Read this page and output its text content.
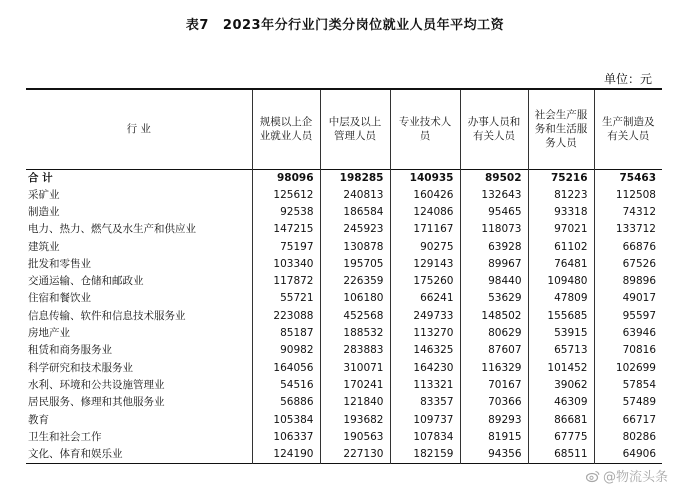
表7 2023年分行业门类分岗位就业人员年平均工资
单位：元
行 业	规模以上企业就业人员	中层及以上管理人员	专业技术人员	办事人员和有关人员	社会生产服务和生活服务人员	生产制造及有关人员
合 计	98096	198285	140935	89502	75216	75463
采矿业	125612	240813	160426	132643	81223	112508
制造业	92538	186584	124086	95465	93318	74312
电力、热力、燃气及水生产和供应业	147215	245923	171167	118073	97021	133712
建筑业	75197	130878	90275	63928	61102	66876
批发和零售业	103340	195705	129143	89967	76481	67526
交通运输、仓储和邮政业	117872	226359	175260	98440	109480	89896
住宿和餐饮业	55721	106180	66241	53629	47809	49017
信息传输、软件和信息技术服务业	223088	452568	249733	148502	155685	95597
房地产业	85187	188532	113270	80629	53915	63946
租赁和商务服务业	90982	283883	146325	87607	65713	70816
科学研究和技术服务业	164056	310071	164230	116329	101452	102699
水利、环境和公共设施管理业	54516	170241	113321	70167	39062	57854
居民服务、修理和其他服务业	56886	121840	83357	70366	46309	57489
教育	105384	193682	109737	89293	86681	66717
卫生和社会工作	106337	190563	107834	81915	67775	80286
文化、体育和娱乐业	124190	227130	182159	94356	68511	64906
@物流头条
